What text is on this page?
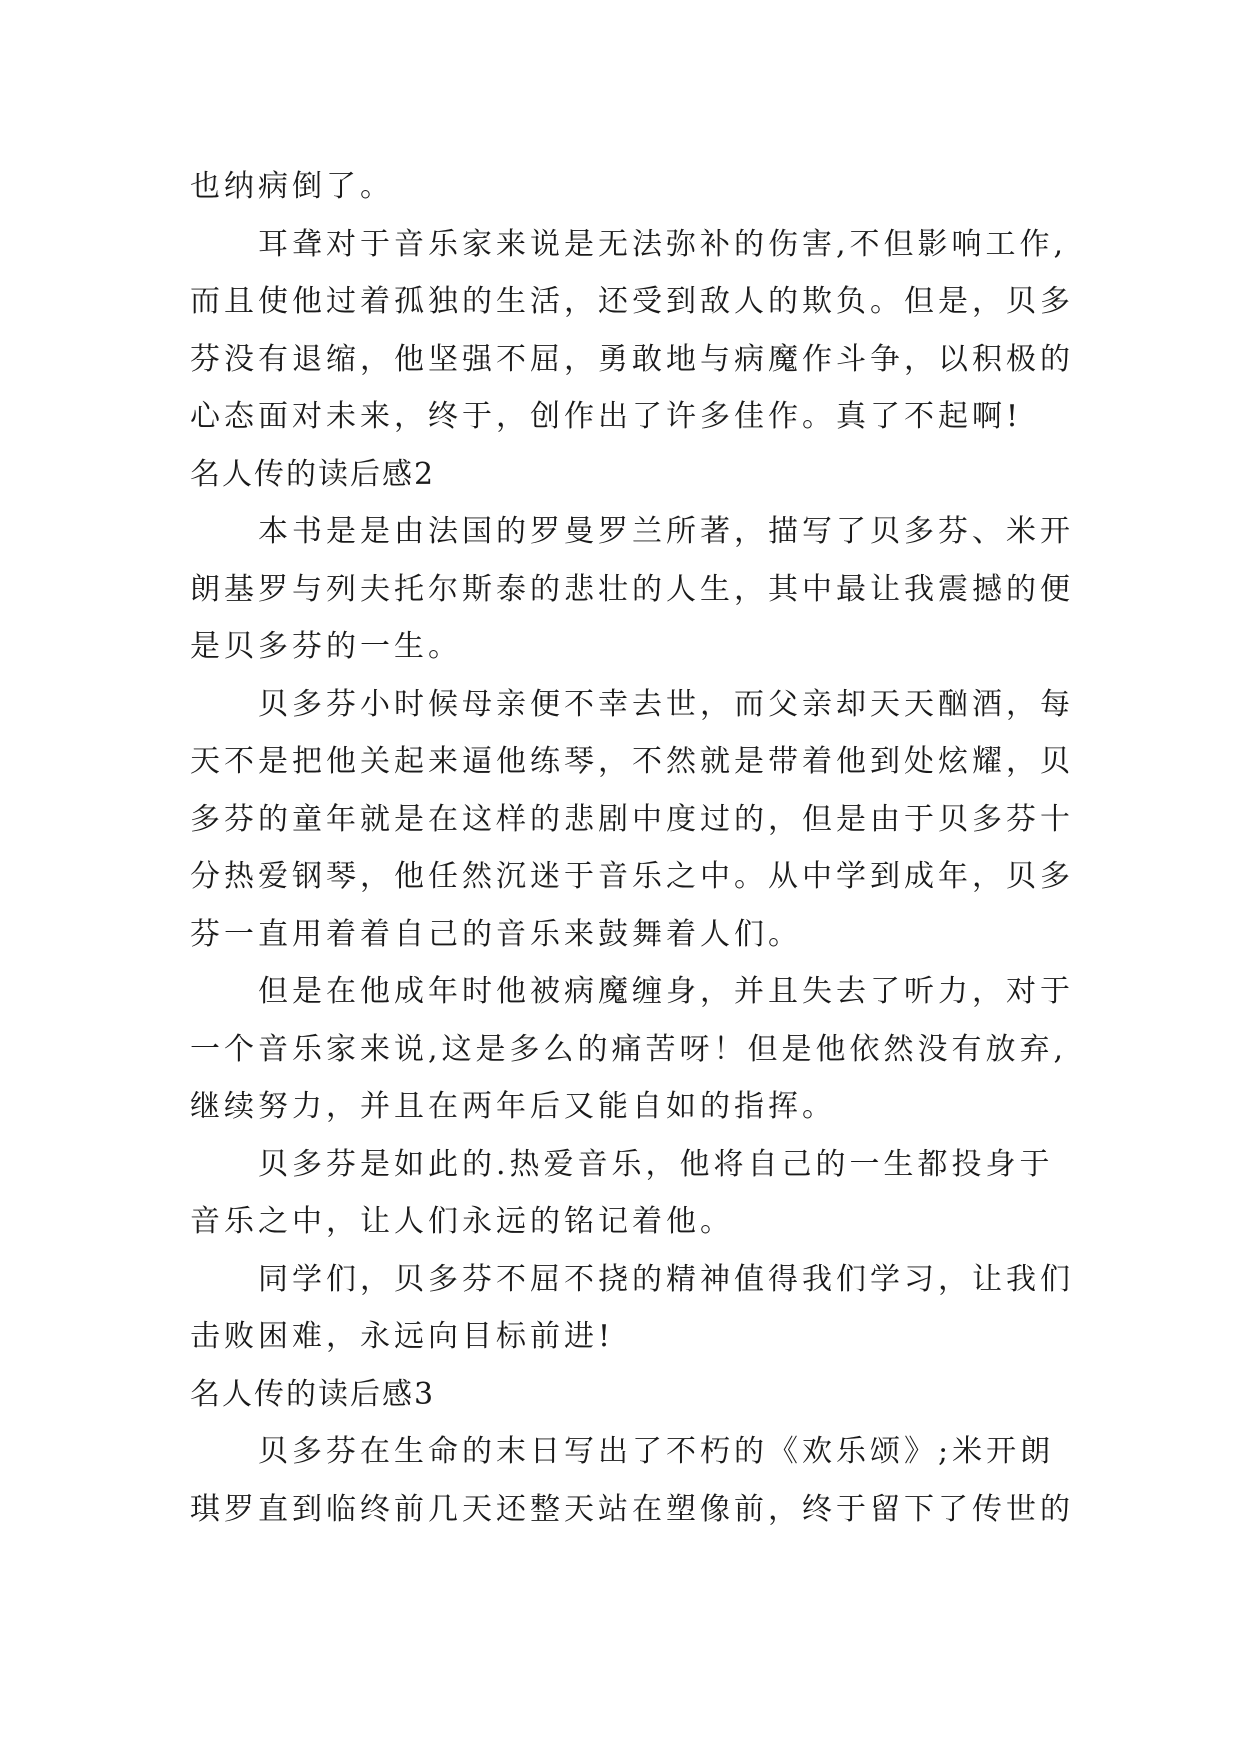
也纳病倒了。
耳聋对于音乐家来说是无法弥补的伤害,不但影响工作,
而且使他过着孤独的生活，还受到敌人的欺负。但是，贝多
芬没有退缩，他坚强不屈，勇敢地与病魔作斗争，以积极的
心态面对未来，终于，创作出了许多佳作。真了不起啊!
名人传的读后感2
本书是是由法国的罗曼罗兰所著，描写了贝多芬、米开
朗基罗与列夫托尔斯泰的悲壮的人生，其中最让我震撼的便
是贝多芬的一生。
贝多芬小时候母亲便不幸去世，而父亲却天天酗酒，每
天不是把他关起来逼他练琴，不然就是带着他到处炫耀，贝
多芬的童年就是在这样的悲剧中度过的，但是由于贝多芬十
分热爱钢琴，他任然沉迷于音乐之中。从中学到成年，贝多
芬一直用着着自己的音乐来鼓舞着人们。
但是在他成年时他被病魔缠身，并且失去了听力，对于
一个音乐家来说,这是多么的痛苦呀！但是他依然没有放弃,
继续努力，并且在两年后又能自如的指挥。
贝多芬是如此的.热爱音乐，他将自己的一生都投身于
音乐之中，让人们永远的铭记着他。
同学们，贝多芬不屈不挠的精神值得我们学习，让我们
击败困难，永远向目标前进!
名人传的读后感3
贝多芬在生命的末日写出了不朽的《欢乐颂》;米开朗
琪罗直到临终前几天还整天站在塑像前，终于留下了传世的
